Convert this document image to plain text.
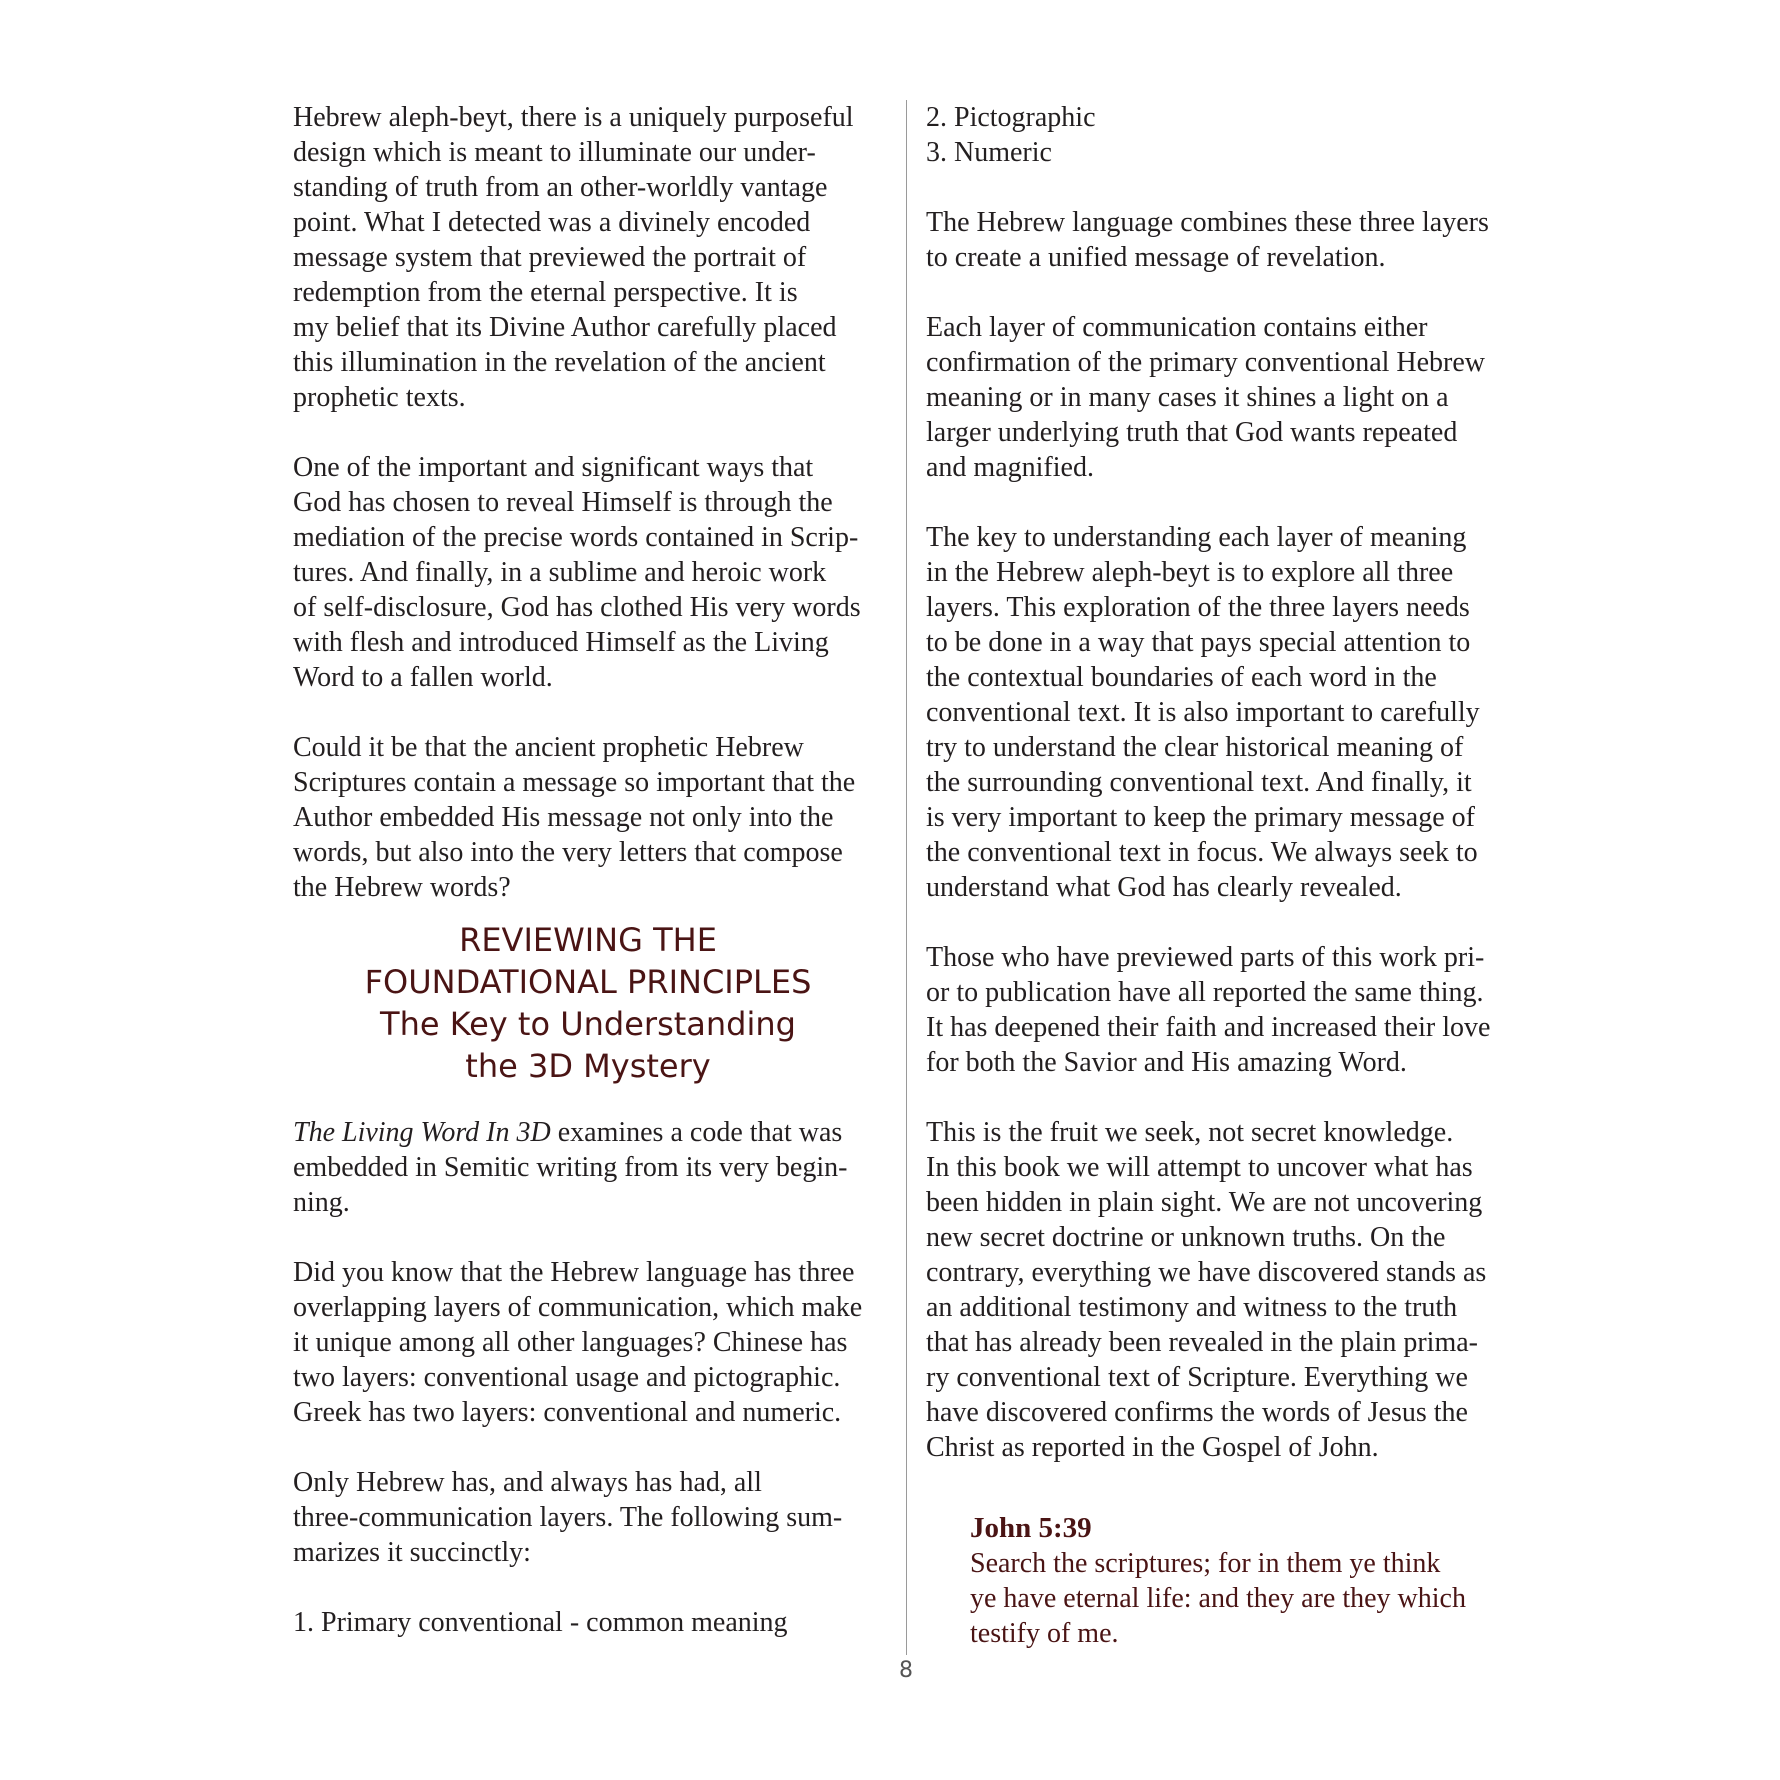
Hebrew aleph-beyt, there is a uniquely purposeful
design which is meant to illuminate our under-
standing of truth from an other-worldly vantage
point. What I detected was a divinely encoded
message system that previewed the portrait of
redemption from the eternal perspective. It is
my belief that its Divine Author carefully placed
this illumination in the revelation of the ancient
prophetic texts.
One of the important and significant ways that
God has chosen to reveal Himself is through the
mediation of the precise words contained in Scrip-
tures. And finally, in a sublime and heroic work
of self-disclosure, God has clothed His very words
with flesh and introduced Himself as the Living
Word to a fallen world.
Could it be that the ancient prophetic Hebrew
Scriptures contain a message so important that the
Author embedded His message not only into the
words, but also into the very letters that compose
the Hebrew words?
REVIEWING THE
FOUNDATIONAL PRINCIPLES
The Key to Understanding
the 3D Mystery
The Living Word In 3D examines a code that was
embedded in Semitic writing from its very begin-
ning.
Did you know that the Hebrew language has three
overlapping layers of communication, which make
it unique among all other languages? Chinese has
two layers: conventional usage and pictographic.
Greek has two layers: conventional and numeric.
Only Hebrew has, and always has had, all
three-communication layers. The following sum-
marizes it succinctly:
1. Primary conventional - common meaning
2. Pictographic
3. Numeric
The Hebrew language combines these three layers
to create a unified message of revelation.
Each layer of communication contains either
confirmation of the primary conventional Hebrew
meaning or in many cases it shines a light on a
larger underlying truth that God wants repeated
and magnified.
The key to understanding each layer of meaning
in the Hebrew aleph-beyt is to explore all three
layers. This exploration of the three layers needs
to be done in a way that pays special attention to
the contextual boundaries of each word in the
conventional text. It is also important to carefully
try to understand the clear historical meaning of
the surrounding conventional text. And finally, it
is very important to keep the primary message of
the conventional text in focus. We always seek to
understand what God has clearly revealed.
Those who have previewed parts of this work pri-
or to publication have all reported the same thing.
It has deepened their faith and increased their love
for both the Savior and His amazing Word.
This is the fruit we seek, not secret knowledge.
In this book we will attempt to uncover what has
been hidden in plain sight. We are not uncovering
new secret doctrine or unknown truths. On the
contrary, everything we have discovered stands as
an additional testimony and witness to the truth
that has already been revealed in the plain prima-
ry conventional text of Scripture. Everything we
have discovered confirms the words of Jesus the
Christ as reported in the Gospel of John.
John 5:39
Search the scriptures; for in them ye think
ye have eternal life: and they are they which
testify of me.
8
